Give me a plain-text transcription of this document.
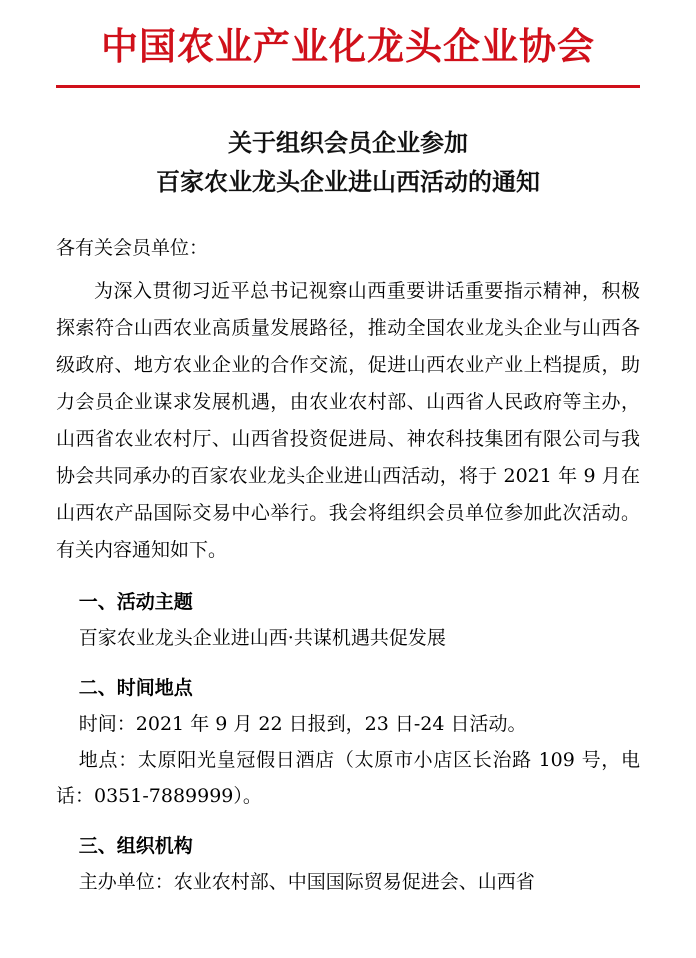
中国农业产业化龙头企业协会
关于组织会员企业参加
百家农业龙头企业进山西活动的通知
各有关会员单位：
为深入贯彻习近平总书记视察山西重要讲话重要指示精神，积极探索符合山西农业高质量发展路径，推动全国农业龙头企业与山西各级政府、地方农业企业的合作交流，促进山西农业产业上档提质，助力会员企业谋求发展机遇，由农业农村部、山西省人民政府等主办，山西省农业农村厅、山西省投资促进局、神农科技集团有限公司与我协会共同承办的百家农业龙头企业进山西活动，将于 2021 年 9 月在山西农产品国际交易中心举行。我会将组织会员单位参加此次活动。有关内容通知如下。
一、活动主题
百家农业龙头企业进山西·共谋机遇共促发展
二、时间地点
时间：2021 年 9 月 22 日报到，23 日-24 日活动。
地点：太原阳光皇冠假日酒店（太原市小店区长治路 109 号，电话：0351-7889999）。
三、组织机构
主办单位：农业农村部、中国国际贸易促进会、山西省
